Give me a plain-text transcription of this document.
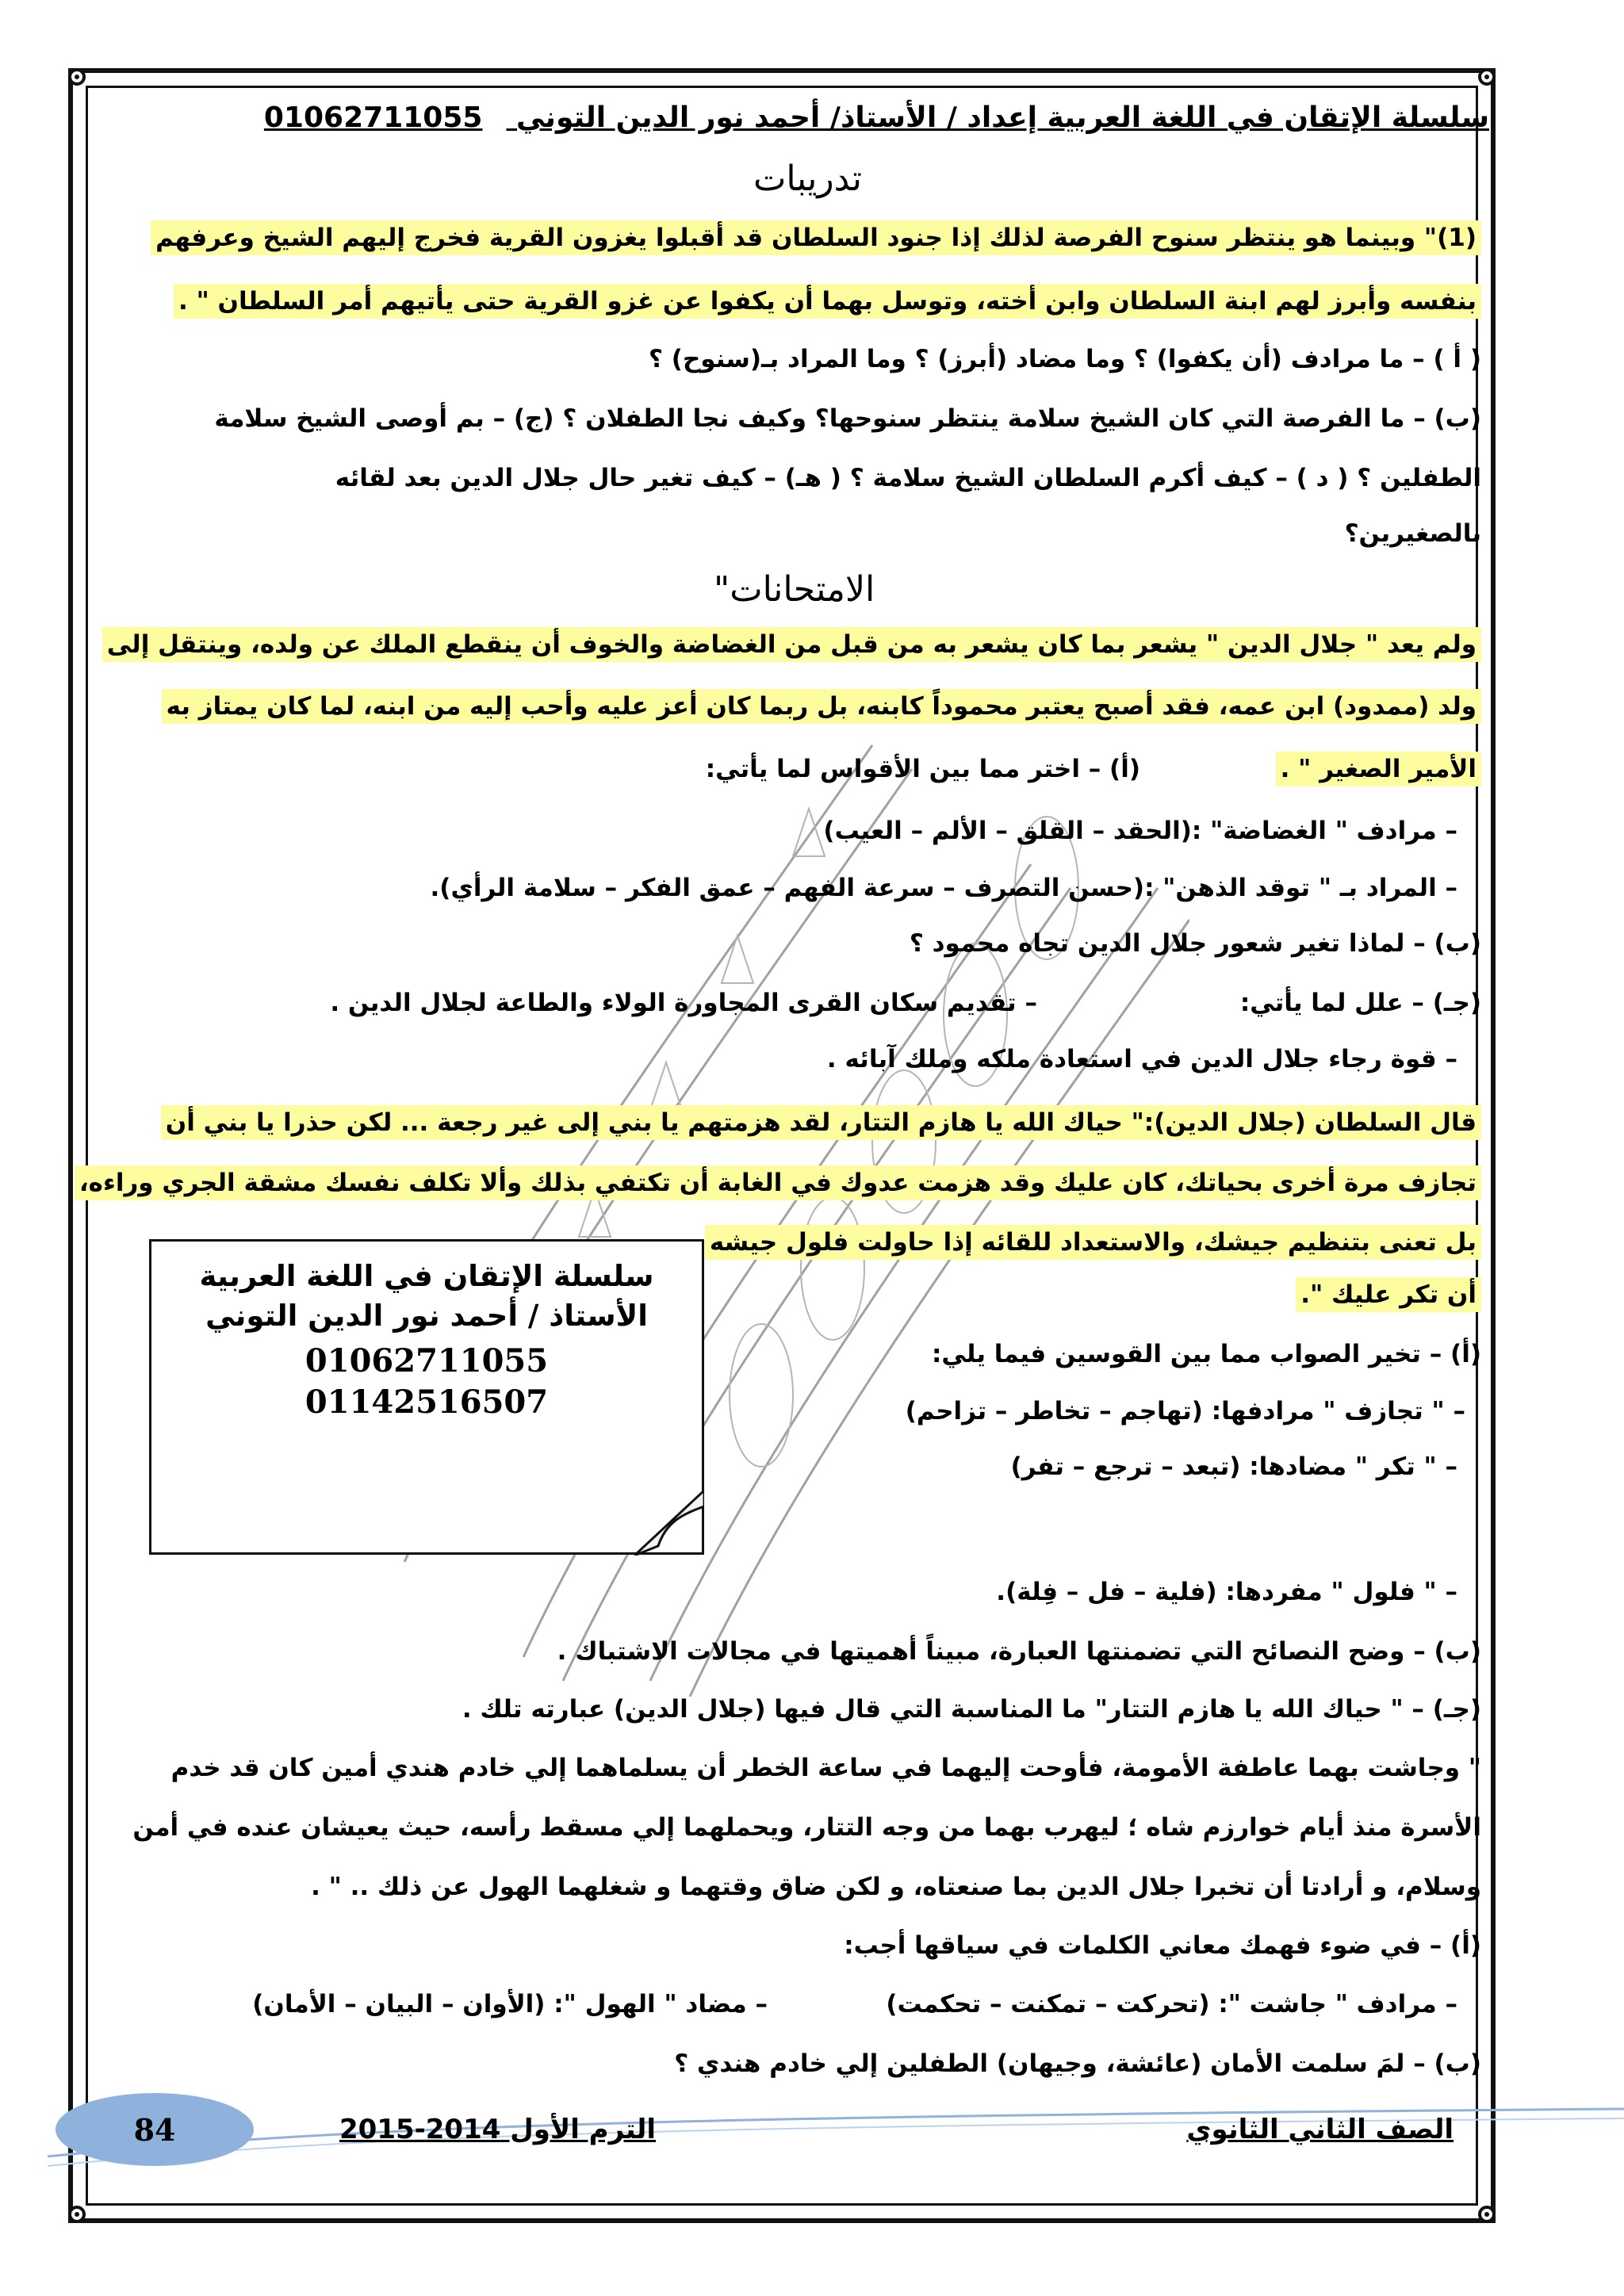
سلسلة الإتقان في اللغة العربية إعداد / الأستاذ/ أحمد نور الدين التوني 01062711055
تدريبات
(1)" وبينما هو ينتظر سنوح الفرصة لذلك إذا جنود السلطان قد أقبلوا يغزون القرية فخرج إليهم الشيخ وعرفهم
بنفسه وأبرز لهم ابنة السلطان وابن أخته، وتوسل بهما أن يكفوا عن غزو القرية حتى يأتيهم أمر السلطان " .
( أ ) – ما مرادف (أن يكفوا) ؟ وما مضاد (أبرز) ؟ وما المراد بـ(سنوح) ؟
(ب) – ما الفرصة التي كان الشيخ سلامة ينتظر سنوحها؟ وكيف نجا الطفلان ؟ (ج) – بم أوصى الشيخ سلامة
الطفلين ؟ ( د ) – كيف أكرم السلطان الشيخ سلامة ؟ ( هـ) – كيف تغير حال جلال الدين بعد لقائه
بالصغيرين؟
الامتحانات"
ولم يعد " جلال الدين " يشعر بما كان يشعر به من قبل من الغضاضة والخوف أن ينقطع الملك عن ولده، وينتقل إلى
ولد (ممدود) ابن عمه، فقد أصبح يعتبر محموداً كابنه، بل ربما كان أعز عليه وأحب إليه من ابنه، لما كان يمتاز به
الأمير الصغير " .
(أ) – اختر مما بين الأقواس لما يأتي:
– مرادف " الغضاضة" :(الحقد – القلق – الألم – العيب)
– المراد بـ " توقد الذهن" :(حسن التصرف – سرعة الفهم – عمق الفكر – سلامة الرأي).
(ب) – لماذا تغير شعور جلال الدين تجاه محمود ؟
(جـ) – علل لما يأتي:
– تقديم سكان القرى المجاورة الولاء والطاعة لجلال الدين .
– قوة رجاء جلال الدين في استعادة ملكه وملك آبائه .
قال السلطان (جلال الدين):" حياك الله يا هازم التتار، لقد هزمتهم يا بني إلى غير رجعة ... لكن حذرا يا بني أن
تجازف مرة أخرى بحياتك، كان عليك وقد هزمت عدوك في الغابة أن تكتفي بذلك وألا تكلف نفسك مشقة الجري وراءه،
بل تعنى بتنظيم جيشك، والاستعداد للقائه إذا حاولت فلول جيشه
أن تكر عليك ".
(أ) – تخير الصواب مما بين القوسين فيما يلي:
– " تجازف " مرادفها: (تهاجم – تخاطر – تزاحم)
– " تكر " مضادها: (تبعد – ترجع – تفر)
– " فلول " مفردها: (فلية – فل – فِلة).
(ب) – وضح النصائح التي تضمنتها العبارة، مبيناً أهميتها في مجالات الاشتباك .
(جـ) – " حياك الله يا هازم التتار" ما المناسبة التي قال فيها (جلال الدين) عبارته تلك .
" وجاشت بهما عاطفة الأمومة، فأوحت إليهما في ساعة الخطر أن يسلماهما إلي خادم هندي أمين كان قد خدم
الأسرة منذ أيام خوارزم شاه ؛ ليهرب بهما من وجه التتار، ويحملهما إلي مسقط رأسه، حيث يعيشان عنده في أمن
وسلام، و أرادتا أن تخبرا جلال الدين بما صنعتاه، و لكن ضاق وقتهما و شغلهما الهول عن ذلك .. " .
(أ) – في ضوء فهمك معاني الكلمات في سياقها أجب:
– مرادف " جاشت ": (تحركت – تمكنت – تحكمت)
– مضاد " الهول ": (الأوان – البيان – الأمان)
(ب) – لمَ سلمت الأمان (عائشة، وجيهان) الطفلين إلي خادم هندي ؟
سلسلة الإتقان في اللغة العربية
الأستاذ / أحمد نور الدين التوني
01062711055
01142516507
84	الصف الثاني الثانوي
الترم الأول 2014-2015
